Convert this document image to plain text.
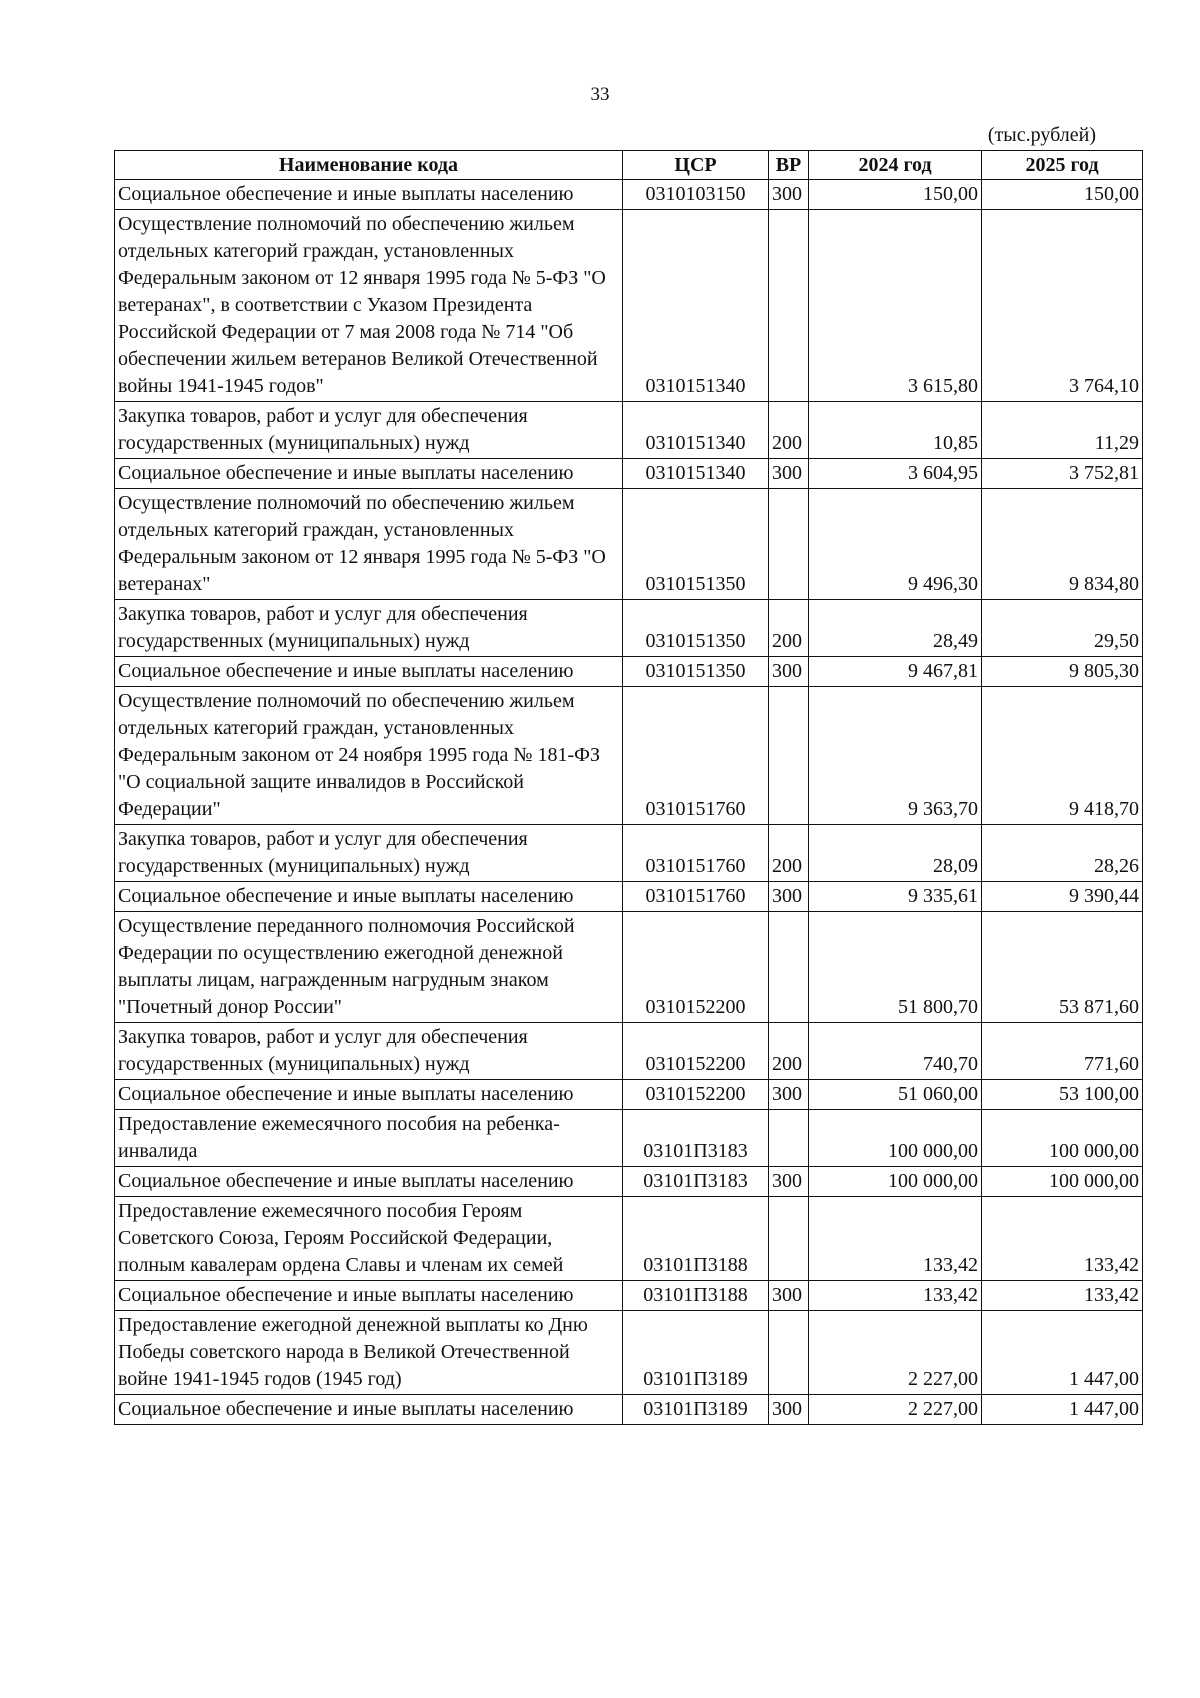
33
(тыс.рублей)
Наименование кода	ЦСР	ВР	2024 год	2025 год
Социальное обеспечение и иные выплаты населению	0310103150	300	150,00	150,00
Осуществление полномочий по обеспечению жильем отдельных категорий граждан, установленных Федеральным законом от 12 января 1995 года № 5-ФЗ "О ветеранах", в соответствии с Указом Президента Российской Федерации от 7 мая 2008 года № 714 "Об обеспечении жильем ветеранов Великой Отечественной войны 1941-1945 годов"	0310151340		3 615,80	3 764,10
Закупка товаров, работ и услуг для обеспечения государственных (муниципальных) нужд	0310151340	200	10,85	11,29
Социальное обеспечение и иные выплаты населению	0310151340	300	3 604,95	3 752,81
Осуществление полномочий по обеспечению жильем отдельных категорий граждан, установленных Федеральным законом от 12 января 1995 года № 5-ФЗ "О ветеранах"	0310151350		9 496,30	9 834,80
Закупка товаров, работ и услуг для обеспечения государственных (муниципальных) нужд	0310151350	200	28,49	29,50
Социальное обеспечение и иные выплаты населению	0310151350	300	9 467,81	9 805,30
Осуществление полномочий по обеспечению жильем отдельных категорий граждан, установленных Федеральным законом от 24 ноября 1995 года № 181-ФЗ "О социальной защите инвалидов в Российской Федерации"	0310151760		9 363,70	9 418,70
Закупка товаров, работ и услуг для обеспечения государственных (муниципальных) нужд	0310151760	200	28,09	28,26
Социальное обеспечение и иные выплаты населению	0310151760	300	9 335,61	9 390,44
Осуществление переданного полномочия Российской Федерации по осуществлению ежегодной денежной выплаты лицам, награжденным нагрудным знаком "Почетный донор России"	0310152200		51 800,70	53 871,60
Закупка товаров, работ и услуг для обеспечения государственных (муниципальных) нужд	0310152200	200	740,70	771,60
Социальное обеспечение и иные выплаты населению	0310152200	300	51 060,00	53 100,00
Предоставление ежемесячного пособия на ребенка-инвалида	03101П3183		100 000,00	100 000,00
Социальное обеспечение и иные выплаты населению	03101П3183	300	100 000,00	100 000,00
Предоставление ежемесячного пособия Героям Советского Союза, Героям Российской Федерации, полным кавалерам ордена Славы и членам их семей	03101П3188		133,42	133,42
Социальное обеспечение и иные выплаты населению	03101П3188	300	133,42	133,42
Предоставление ежегодной денежной выплаты ко Дню Победы советского народа в Великой Отечественной войне 1941-1945 годов (1945 год)	03101П3189		2 227,00	1 447,00
Социальное обеспечение и иные выплаты населению	03101П3189	300	2 227,00	1 447,00
